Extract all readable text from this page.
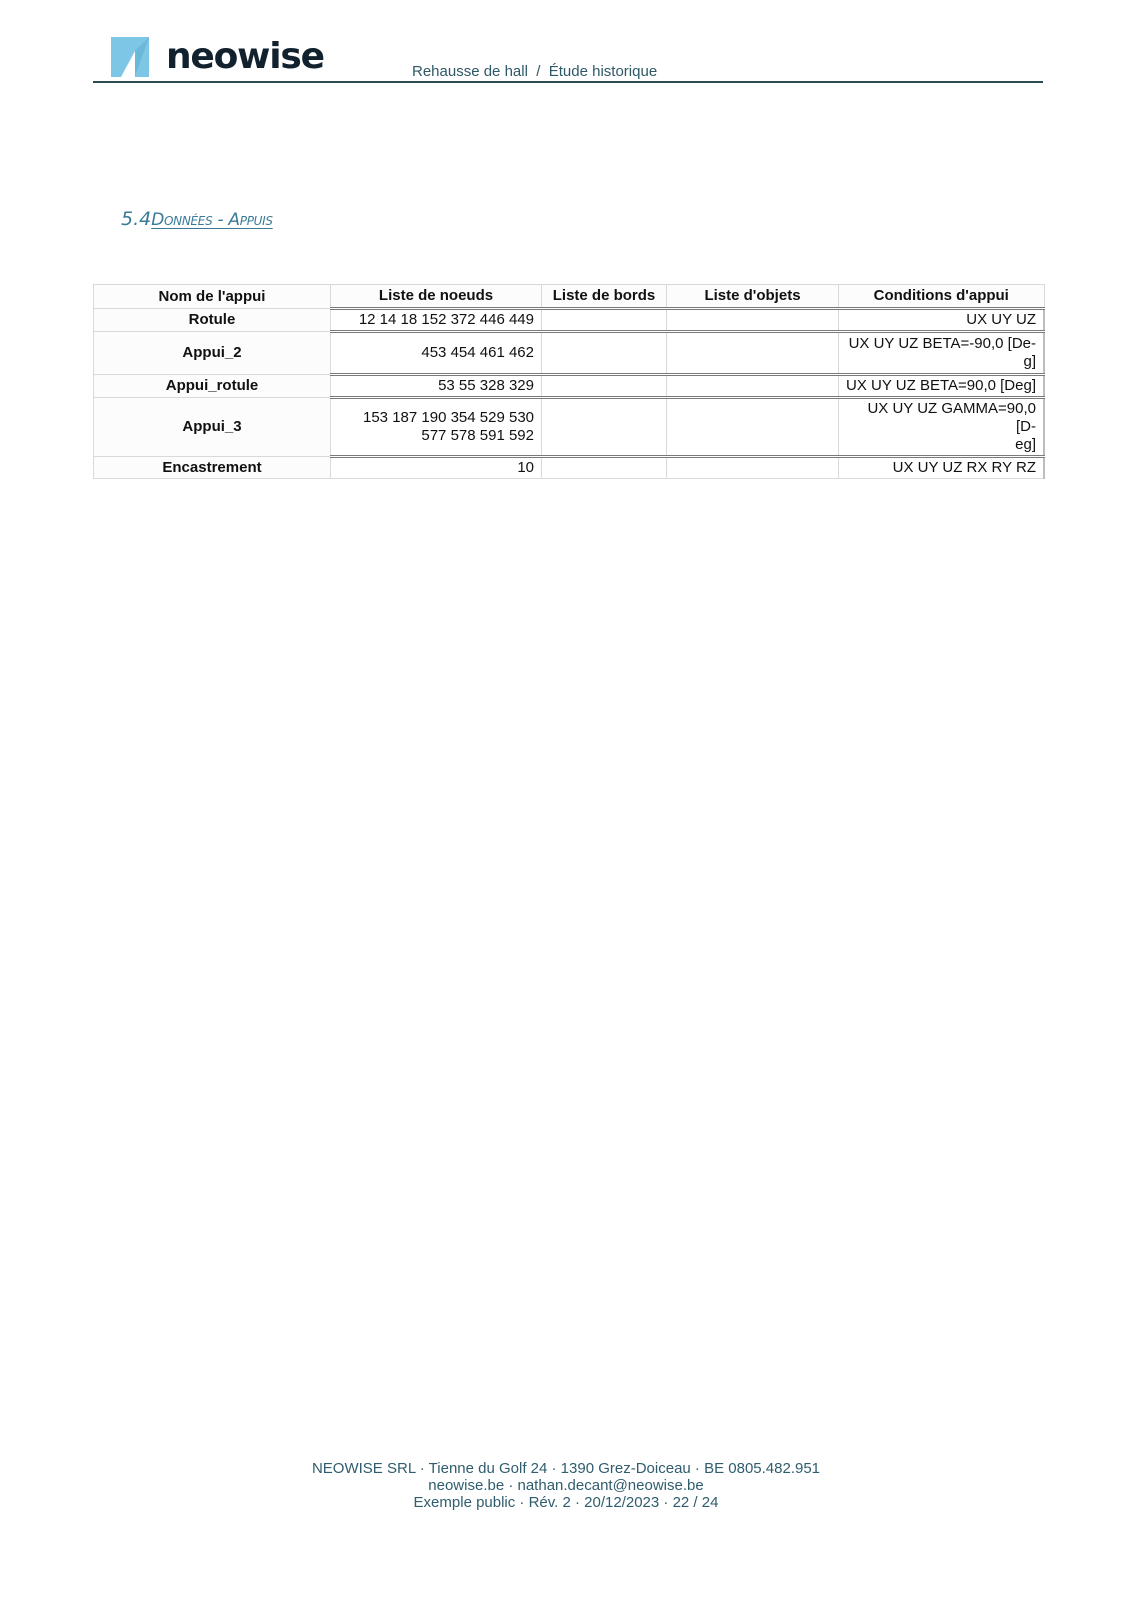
neowise	Rehausse de hall  /  Étude historique
5.4Données - Appuis
Nom de l'appui	Liste de noeuds	Liste de bords	Liste d'objets	Conditions d'appui
Rotule	12 14 18 152 372 446 449			UX UY UZ
Appui_2	453 454 461 462			UX UY UZ BETA=-90,0 [De-
g]
Appui_rotule	53 55 328 329			UX UY UZ BETA=90,0 [Deg]
Appui_3	153 187 190 354 529 530
577 578 591 592			UX UY UZ GAMMA=90,0 [D-
eg]
Encastrement	10			UX UY UZ RX RY RZ
NEOWISE SRL · Tienne du Golf 24 · 1390 Grez-Doiceau · BE 0805.482.951
neowise.be · nathan.decant@neowise.be
Exemple public · Rév. 2 · 20/12/2023 · 22 / 24
